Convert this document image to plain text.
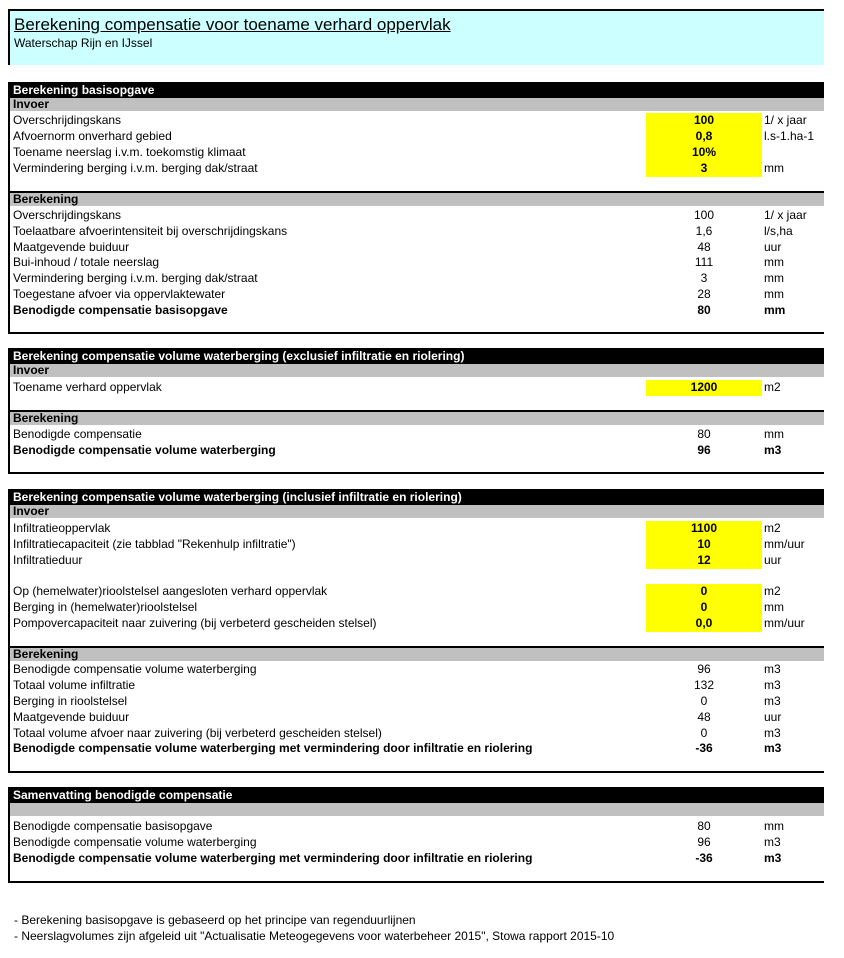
Berekening compensatie voor toename verhard oppervlak
Waterschap Rijn en IJssel
Berekening basisopgave
Invoer
Overschrijdingskans	100	1/ x jaar
Afvoernorm onverhard gebied	0,8	l.s-1.ha-1
Toename neerslag i.v.m. toekomstig klimaat	10%
Vermindering berging i.v.m. berging dak/straat	3	mm
Berekening
Overschrijdingskans	100	1/ x jaar
Toelaatbare afvoerintensiteit bij overschrijdingskans	1,6	l/s,ha
Maatgevende buiduur	48	uur
Bui-inhoud / totale neerslag	111	mm
Vermindering berging i.v.m. berging dak/straat	3	mm
Toegestane afvoer via oppervlaktewater	28	mm
Benodigde compensatie basisopgave	80	mm
Berekening compensatie volume waterberging (exclusief infiltratie en riolering)
Invoer
Toename verhard oppervlak	1200	m2
Berekening
Benodigde compensatie	80	mm
Benodigde compensatie volume waterberging	96	m3
Berekening compensatie volume waterberging (inclusief infiltratie en riolering)
Invoer
Infiltratieoppervlak	1100	m2
Infiltratiecapaciteit (zie tabblad "Rekenhulp infiltratie")	10	mm/uur
Infiltratieduur	12	uur
Op (hemelwater)rioolstelsel aangesloten verhard oppervlak	0	m2
Berging in (hemelwater)rioolstelsel	0	mm
Pompovercapaciteit naar zuivering (bij verbeterd gescheiden stelsel)	0,0	mm/uur
Berekening
Benodigde compensatie volume waterberging	96	m3
Totaal volume infiltratie	132	m3
Berging in rioolstelsel	0	m3
Maatgevende buiduur	48	uur
Totaal volume afvoer naar zuivering (bij verbeterd gescheiden stelsel)	0	m3
Benodigde compensatie volume waterberging met vermindering door infiltratie en riolering	-36	m3
Samenvatting benodigde compensatie
Benodigde compensatie basisopgave	80	mm
Benodigde compensatie volume waterberging	96	m3
Benodigde compensatie volume waterberging met vermindering door infiltratie en riolering	-36	m3
- Berekening basisopgave is gebaseerd op het principe van regenduurlijnen
- Neerslagvolumes zijn afgeleid uit "Actualisatie Meteogegevens voor waterbeheer 2015", Stowa rapport 2015-10
